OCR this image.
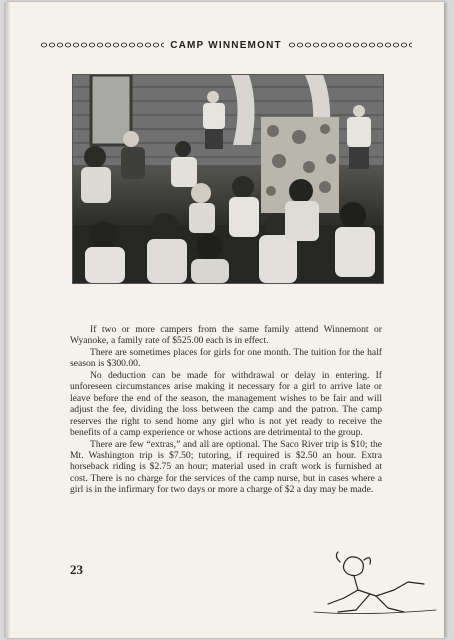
CAMP WINNEMONT

If two or more campers from the same family attend Winnemont or Wyanoke, a family rate of $525.00 each is in effect.

There are sometimes places for girls for one month. The tuition for the half season is $300.00.

No deduction can be made for withdrawal or delay in entering. If unforeseen circumstances arise making it necessary for a girl to arrive late or leave before the end of the season, the management wishes to be fair and will adjust the fee, dividing the loss between the camp and the patron. The camp reserves the right to send home any girl who is not yet ready to receive the benefits of a camp experience or whose actions are detrimental to the group.

There are few “extras,” and all are optional. The Saco River trip is $10; the Mt. Washington trip is $7.50; tutoring, if required is $2.50 an hour. Extra horseback riding is $2.75 an hour; material used in craft work is furnished at cost. There is no charge for the services of the camp nurse, but in cases where a girl is in the infirmary for two days or more a charge of $2 a day may be made.

23
